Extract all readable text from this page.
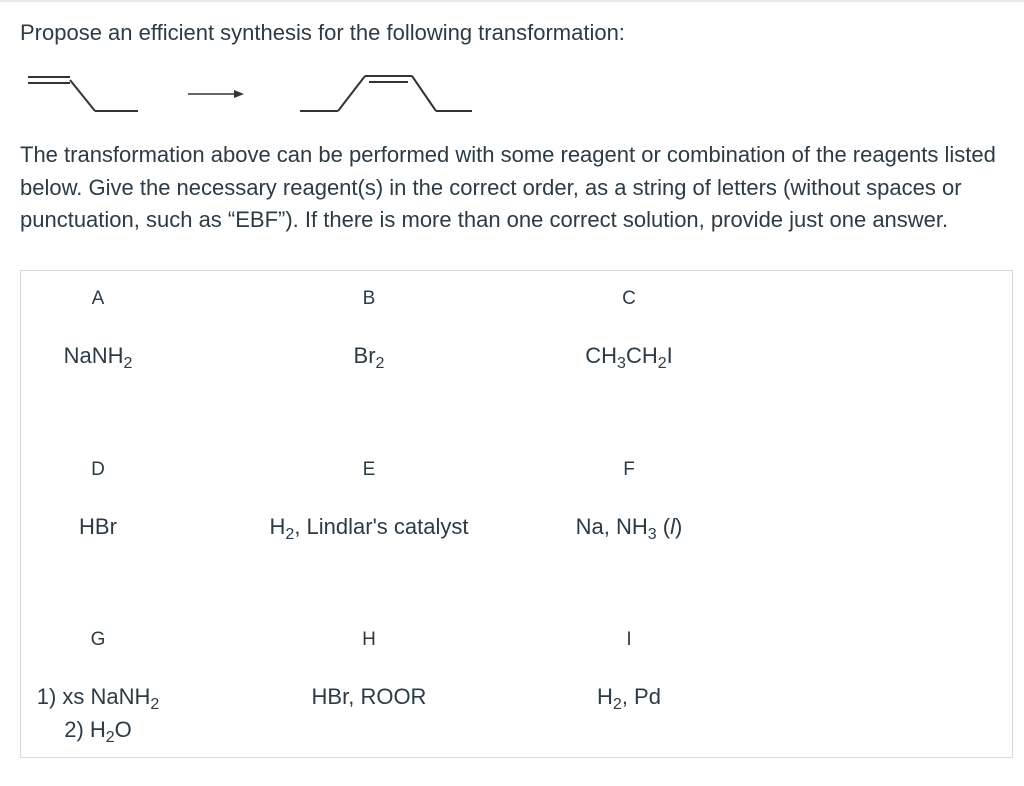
Propose an efficient synthesis for the following transformation:
The transformation above can be performed with some reagent or combination of the reagents listed below. Give the necessary reagent(s) in the correct order, as a string of letters (without spaces or punctuation, such as “EBF”). If there is more than one correct solution, provide just one answer.
A
NaNH$_2$
B
$Br_2$
C
$CH_3CH_2I$
D
HBr
E
$H_2$, Lindlar's catalyst
F
Na, $NH_3$ (l)
G
1) xs NaNH$_2$
2) $H_2O$
H
HBr, ROOR
I
$H_2$, Pd
